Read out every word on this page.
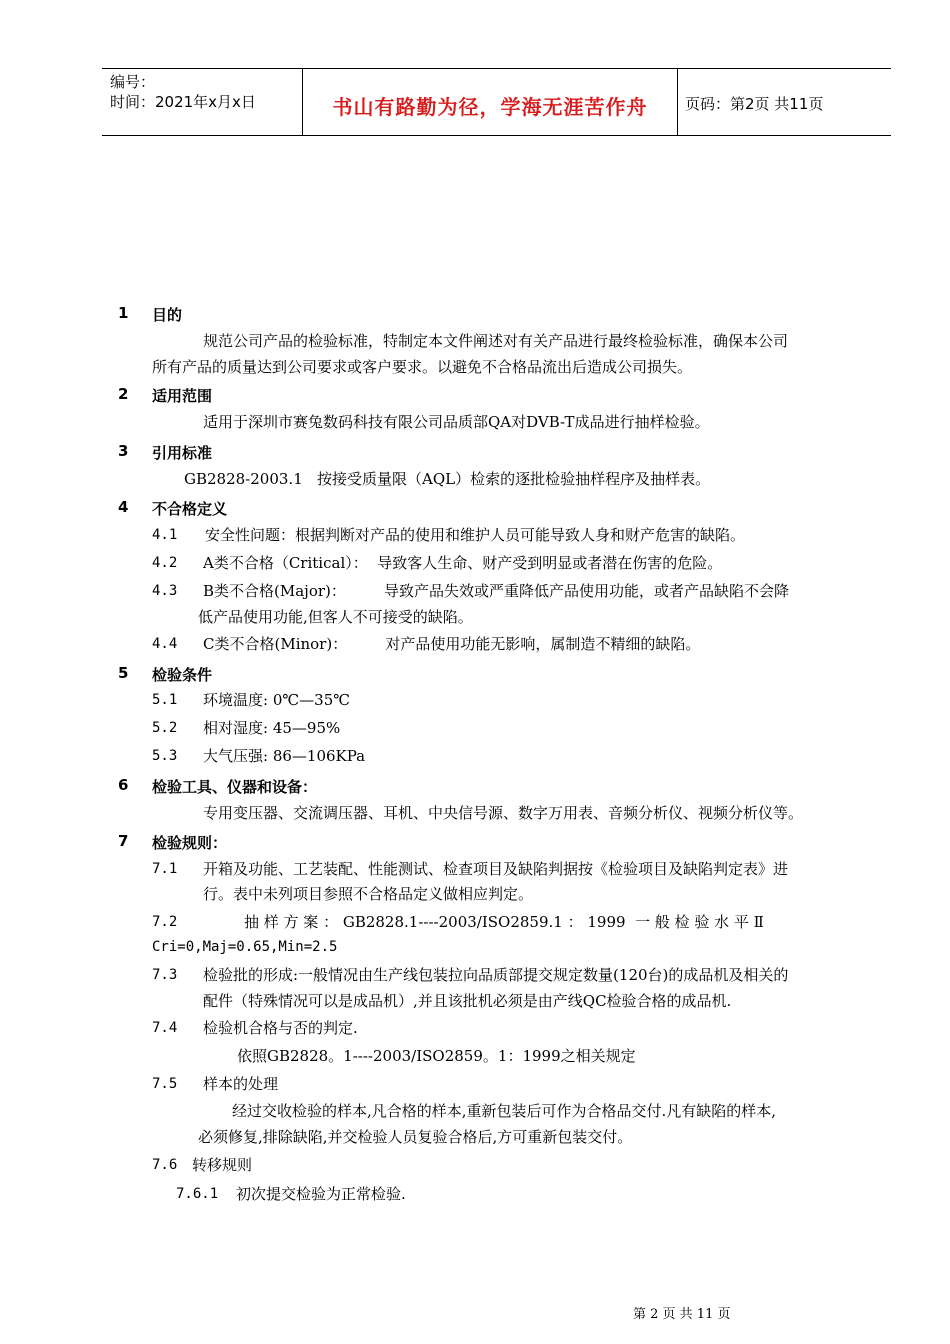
编号：
时间：2021年x月x日	书山有路勤为径，学海无涯苦作舟	页码：第2页 共11页
1 目的
规范公司产品的检验标准，特制定本文件阐述对有关产品进行最终检验标准，确保本公司
所有产品的质量达到公司要求或客户要求。以避免不合格品流出后造成公司损失。
2 适用范围
适用于深圳市赛兔数码科技有限公司品质部QA对DVB-T成品进行抽样检验。
3 引用标准
GB2828-2003.1   按接受质量限（AQL）检索的逐批检验抽样程序及抽样表。
4 不合格定义
4.1 安全性问题：根据判断对产品的使用和维护人员可能导致人身和财产危害的缺陷。
4.2 A类不合格（Critical）：  导致客人生命、财产受到明显或者潜在伤害的危险。
4.3 B类不合格(Major)：        导致产品失效或严重降低产品使用功能，或者产品缺陷不会降
低产品使用功能,但客人不可接受的缺陷。
4.4 C类不合格(Minor)：        对产品使用功能无影响，属制造不精细的缺陷。
5 检验条件
5.1 环境温度: 0℃—35℃
5.2 相对湿度: 45—95%
5.3 大气压强: 86—106KPa
6 检验工具、仪器和设备：
专用变压器、交流调压器、耳机、中央信号源、数字万用表、音频分析仪、视频分析仪等。
7 检验规则：
7.1 开箱及功能、工艺装配、性能测试、检查项目及缺陷判据按《检验项目及缺陷判定表》进
行。表中未列项目参照不合格品定义做相应判定。
7.2	抽 样 方 案 ： GB2828.1----2003/ISO2859.1 ： 1999  一 般 检 验 水 平 Ⅱ
Cri=0,Maj=0.65,Min=2.5
7.3 检验批的形成:一般情况由生产线包装拉向品质部提交规定数量(120台)的成品机及相关的
配件（特殊情况可以是成品机）,并且该批机必须是由产线QC检验合格的成品机.
7.4 检验机合格与否的判定.
依照GB2828。1----2003/ISO2859。1：1999之相关规定
7.5 样本的处理
经过交收检验的样本,凡合格的样本,重新包装后可作为合格品交付.凡有缺陷的样本,
必须修复,排除缺陷,并交检验人员复验合格后,方可重新包装交付。
7.6 转移规则
7.6.1 初次提交检验为正常检验.
第 2 页 共 11 页
